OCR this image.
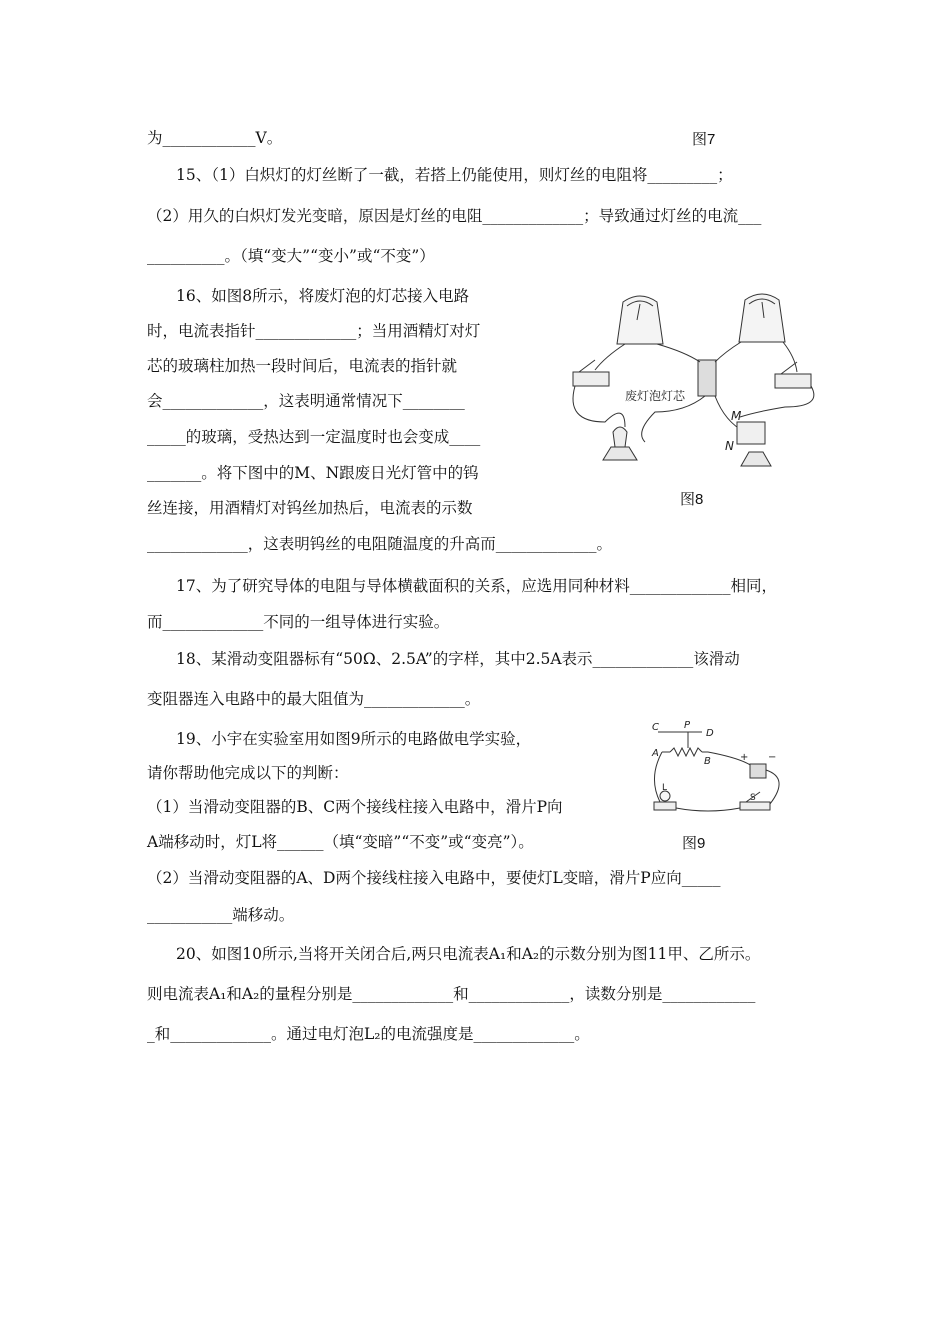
为____________V。	图7
15、（1）白炽灯的灯丝断了一截，若搭上仍能使用，则灯丝的电阻将_________；
（2）用久的白炽灯发光变暗，原因是灯丝的电阻_____________；导致通过灯丝的电流___
__________。（填“变大”“变小”或“不变”）
16、如图8所示，将废灯泡的灯芯接入电路
时，电流表指针_____________；当用酒精灯对灯
芯的玻璃柱加热一段时间后，电流表的指针就
会_____________，这表明通常情况下________
_____的玻璃，受热达到一定温度时也会变成____
_______。将下图中的M、N跟废日光灯管中的钨
丝连接，用酒精灯对钨丝加热后，电流表的示数
_____________，这表明钨丝的电阻随温度的升高而_____________。
17、为了研究导体的电阻与导体横截面积的关系，应选用同种材料_____________相同，
而_____________不同的一组导体进行实验。
18、某滑动变阻器标有“50Ω、2.5A”的字样，其中2.5A表示_____________该滑动
变阻器连入电路中的最大阻值为_____________。
19、小宇在实验室用如图9所示的电路做电学实验，
请你帮助他完成以下的判断：
（1）当滑动变阻器的B、C两个接线柱接入电路中，滑片P向
A端移动时，灯L将______（填“变暗”“不变”或“变亮”）。	图9
（2）当滑动变阻器的A、D两个接线柱接入电路中，要使灯L变暗，滑片P应向_____
___________端移动。
20、如图10所示,当将开关闭合后,两只电流表A₁和A₂的示数分别为图11甲、乙所示。
则电流表A₁和A₂的量程分别是_____________和_____________，读数分别是____________
_和_____________。通过电灯泡L₂的电流强度是_____________。
废灯泡灯芯
M
N
图8
C	P
D
A
B
L
S
+ −
